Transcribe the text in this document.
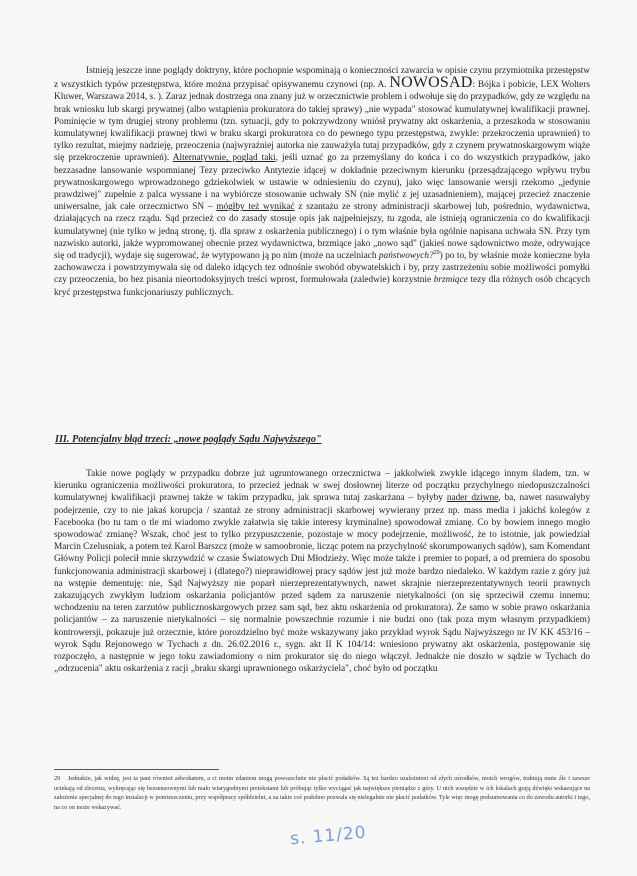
Istnieją jeszcze inne poglądy doktryny, które pochopnie wspominają o konieczności zawarcia w opisie czynu przymiotnika przestępstw z wszystkich typów przestępstwa, które można przypisać opisywanemu czynowi (np. A. NOWOSAD: Bójka i pobicie, LEX Wolters Kluwer, Warszawa 2014, s. ). Zaraz jednak dostrzega ona znany już w orzecznictwie problem i odwołuje się do przypadków, gdy ze względu na brak wniosku lub skargi prywatnej (albo wstąpienia prokuratora do takiej sprawy) „nie wypada" stosować kumulatywnej kwalifikacji prawnej. Pominięcie w tym drugiej strony problemu (tzn. sytuacji, gdy to pokrzywdzony wniósł prywatny akt oskarżenia, a przeszkoda w stosowaniu kumulatywnej kwalifikacji prawnej tkwi w braku skargi prokuratora co do pewnego typu przestępstwa, zwykle: przekroczenia uprawnień) to tylko rezultat, miejmy nadzieję, przeoczenia (najwyraźniej autorka nie zauważyła tutaj przypadków, gdy z czynem prywatnoskargowym wiąże się przekroczenie uprawnień). Alternatywnie, pogląd taki, jeśli uznać go za przemyślany do końca i co do wszystkich przypadków, jako bezzasadne lansowanie wspomnianej Tezy przeciwko Antytezie idącej w dokładnie przeciwnym kierunku (przesądzającego wpływu trybu prywatnoskargowego wprowadzonego gdziekolwiek w ustawie w odniesieniu do czynu), jako więc lansowanie wersji rzekomo „jedynie prawdziwej" zupełnie z palca wyssane i na wybiórcze stosowanie uchwały SN (nie mylić z jej uzasadnieniem), mającej przecież znaczenie uniwersalne, jak całe orzecznictwo SN – mógłby też wynikać z szantażu ze strony administracji skarbowej lub, pośrednio, wydawnictwa, działających na rzecz rządu. Sąd przecież co do zasady stosuje opis jak najpełniejszy, tu zgoda, ale istnieją ograniczenia co do kwalifikacji kumulatywnej (nie tylko w jedną stronę, tj. dla spraw z oskarżenia publicznego) i o tym właśnie była ogólnie napisana uchwała SN. Przy tym nazwisko autorki, jakże wypromowanej obecnie przez wydawnictwa, brzmiące jako „nowo sąd" (jakieś nowe sądownictwo może, odrywające się od tradycji), wydaje się sugerować, że wytypowano ją po nim (może na uczelniach państwowych?$^{29}$) po to, by właśnie może konieczne była zachowawcza i powstrzymywała się od daleko idących tez odnośnie swobód obywatelskich i by, przy zastrzeżeniu sobie możliwości pomyłki czy przeoczenia, bo bez pisania nieortodoksyjnych treści wprost, formułowała (zaledwie) korzystnie brzmiące tezy dla różnych osób chcących kryć przestępstwa funkcjonariuszy publicznych.

III. Potencjalny błąd trzeci: „nowe poglądy Sądu Najwyższego"

Takie nowe poglądy w przypadku dobrze już ugruntowanego orzecznictwa – jakkolwiek zwykle idącego innym śladem, tzn. w kierunku ograniczenia możliwości prokuratora, to przecież jednak w swej dosłownej literze od początku przychylnego niedopuszczalności kumulatywnej kwalifikacji prawnej także w takim przypadku, jak sprawa tutaj zaskarżana – byłyby nader dziwne, ba, nawet nasuwałyby podejrzenie, czy to nie jakaś korupcja / szantaż ze strony administracji skarbowej wywierany przez np. mass media i jakichś kolegów z Facebooka (bo tu tam o tle mi wiadomo zwykle załatwia się takie interesy kryminalne) spowodował zmianę. Co by bowiem innego mogło spowodować zmianę? Wszak, choć jest to tylko przypuszczenie, pozostaje w mocy podejrzenie, możliwość, że to istotnie, jak powiedział Marcin Czelusniak, a potem też Karol Barszcz (może w samoobronie, licząc potem na przychylność skorumpowanych sądów), sam Komendant Główny Policji polecił mnie skrzywdzić w czasie Światowych Dni Młodzieży. Więc może także i premier to poparł, a od premiera do sposobu funkcjonowania administracji skarbowej i (dlatego?) nieprawidłowej pracy sądów jest już może bardzo niedaleko. W każdym razie z góry już na wstępie dementuję: nie, Sąd Najwyższy nie poparł nierzeprezentatywnych, nawet skrajnie nierzeprezentatywnych teorii prawnych zakazujących zwykłym ludziom oskarżania policjantów przed sądem za naruszenie nietykalności (on się sprzeciwił czemu innemu: wchodzeniu na teren zarzutów publicznoskargowych przez sam sąd, bez aktu oskarżenia od prokuratora). Że samo w sobie prawo oskarżania policjantów – za naruszenie nietykalności – się normalnie powszechnie rozumie i nie budzi ono (tak poza mym własnym przypadkiem) kontrowersji, pokazuje już orzecznie, które porozdzielno być może wskazywany jako przykład wyrok Sądu Najwyższego nr IV KK 453/16 – wyrok Sądu Rejonowego w Tychach z dn. 26.02.2016 r., sygn. akt II K 104/14: wniesiono prywatny akt oskarżenia, postępowanie się rozpoczęło, a następnie w jego toku zawiadomiony o nim prokurator się do niego włączył. Jednakże nie doszło w sądzie w Tychach do „odrzucenia" aktu oskarżenia z racji „braku skargi uprawnionego oskarżyciela", choć było od początku

29 Jednakże, jak widzę, jest ta pani również adwokatem, a ci moim zdaniem mogą powszechnie nie płacić podatków. Są też bardzo uzależnieni od złych ośrodków, moich wrogów, traktują mnie źle i zawsze uciekają od zlecenia, wykręcając się bezsensownymi lub mało wiarygodnymi pretekstami lub próbując tylko wyciągać jak największe pieniądze z góry. U nich wszędzie w ich lokalach grają dźwięki wskazujące na założenie specjalnej do tego instalacji w pomieszczeniu, przy współpracy spółdzielni, a za takie coś podobno pozwala się nielegalnie nie płacić podatków. Tyle więc mogę podsumowania co do zawodu autorki i tego, na co on może wskazywać.
s. 11/20
